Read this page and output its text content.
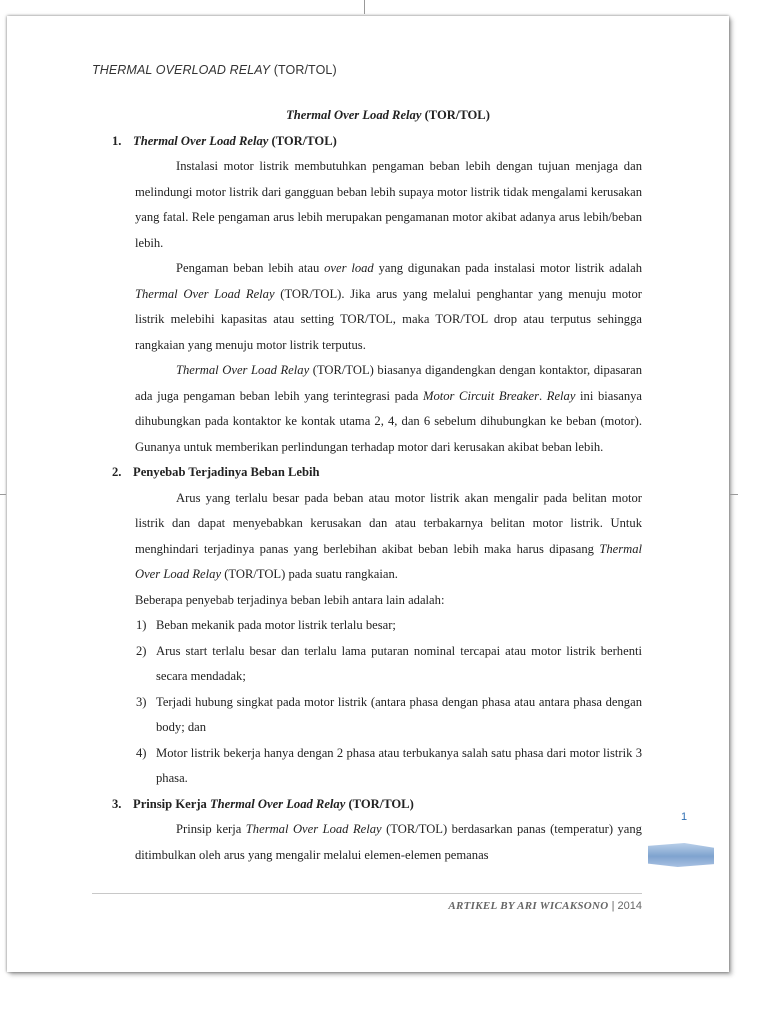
THERMAL OVERLOAD RELAY (TOR/TOL)
Thermal Over Load Relay (TOR/TOL)
1. Thermal Over Load Relay (TOR/TOL)
Instalasi motor listrik membutuhkan pengaman beban lebih dengan tujuan menjaga dan melindungi motor listrik dari gangguan beban lebih supaya motor listrik tidak mengalami kerusakan yang fatal. Rele pengaman arus lebih merupakan pengamanan motor akibat adanya arus lebih/beban lebih.
Pengaman beban lebih atau over load yang digunakan pada instalasi motor listrik adalah Thermal Over Load Relay (TOR/TOL). Jika arus yang melalui penghantar yang menuju motor listrik melebihi kapasitas atau setting TOR/TOL, maka TOR/TOL drop atau terputus sehingga rangkaian yang menuju motor listrik terputus.
Thermal Over Load Relay (TOR/TOL) biasanya digandengkan dengan kontaktor, dipasaran ada juga pengaman beban lebih yang terintegrasi pada Motor Circuit Breaker. Relay ini biasanya dihubungkan pada kontaktor ke kontak utama 2, 4, dan 6 sebelum dihubungkan ke beban (motor). Gunanya untuk memberikan perlindungan terhadap motor dari kerusakan akibat beban lebih.
2. Penyebab Terjadinya Beban Lebih
Arus yang terlalu besar pada beban atau motor listrik akan mengalir pada belitan motor listrik dan dapat menyebabkan kerusakan dan atau terbakarnya belitan motor listrik. Untuk menghindari terjadinya panas yang berlebihan akibat beban lebih maka harus dipasang Thermal Over Load Relay (TOR/TOL) pada suatu rangkaian.
Beberapa penyebab terjadinya beban lebih antara lain adalah:
1) Beban mekanik pada motor listrik terlalu besar;
2) Arus start terlalu besar dan terlalu lama putaran nominal tercapai atau motor listrik berhenti secara mendadak;
3) Terjadi hubung singkat pada motor listrik (antara phasa dengan phasa atau antara phasa dengan body; dan
4) Motor listrik bekerja hanya dengan 2 phasa atau terbukanya salah satu phasa dari motor listrik 3 phasa.
3. Prinsip Kerja Thermal Over Load Relay (TOR/TOL)
Prinsip kerja Thermal Over Load Relay (TOR/TOL) berdasarkan panas (temperatur) yang ditimbulkan oleh arus yang mengalir melalui elemen-elemen pemanas
1
ARTIKEL BY ARI WICAKSONO | 2014
